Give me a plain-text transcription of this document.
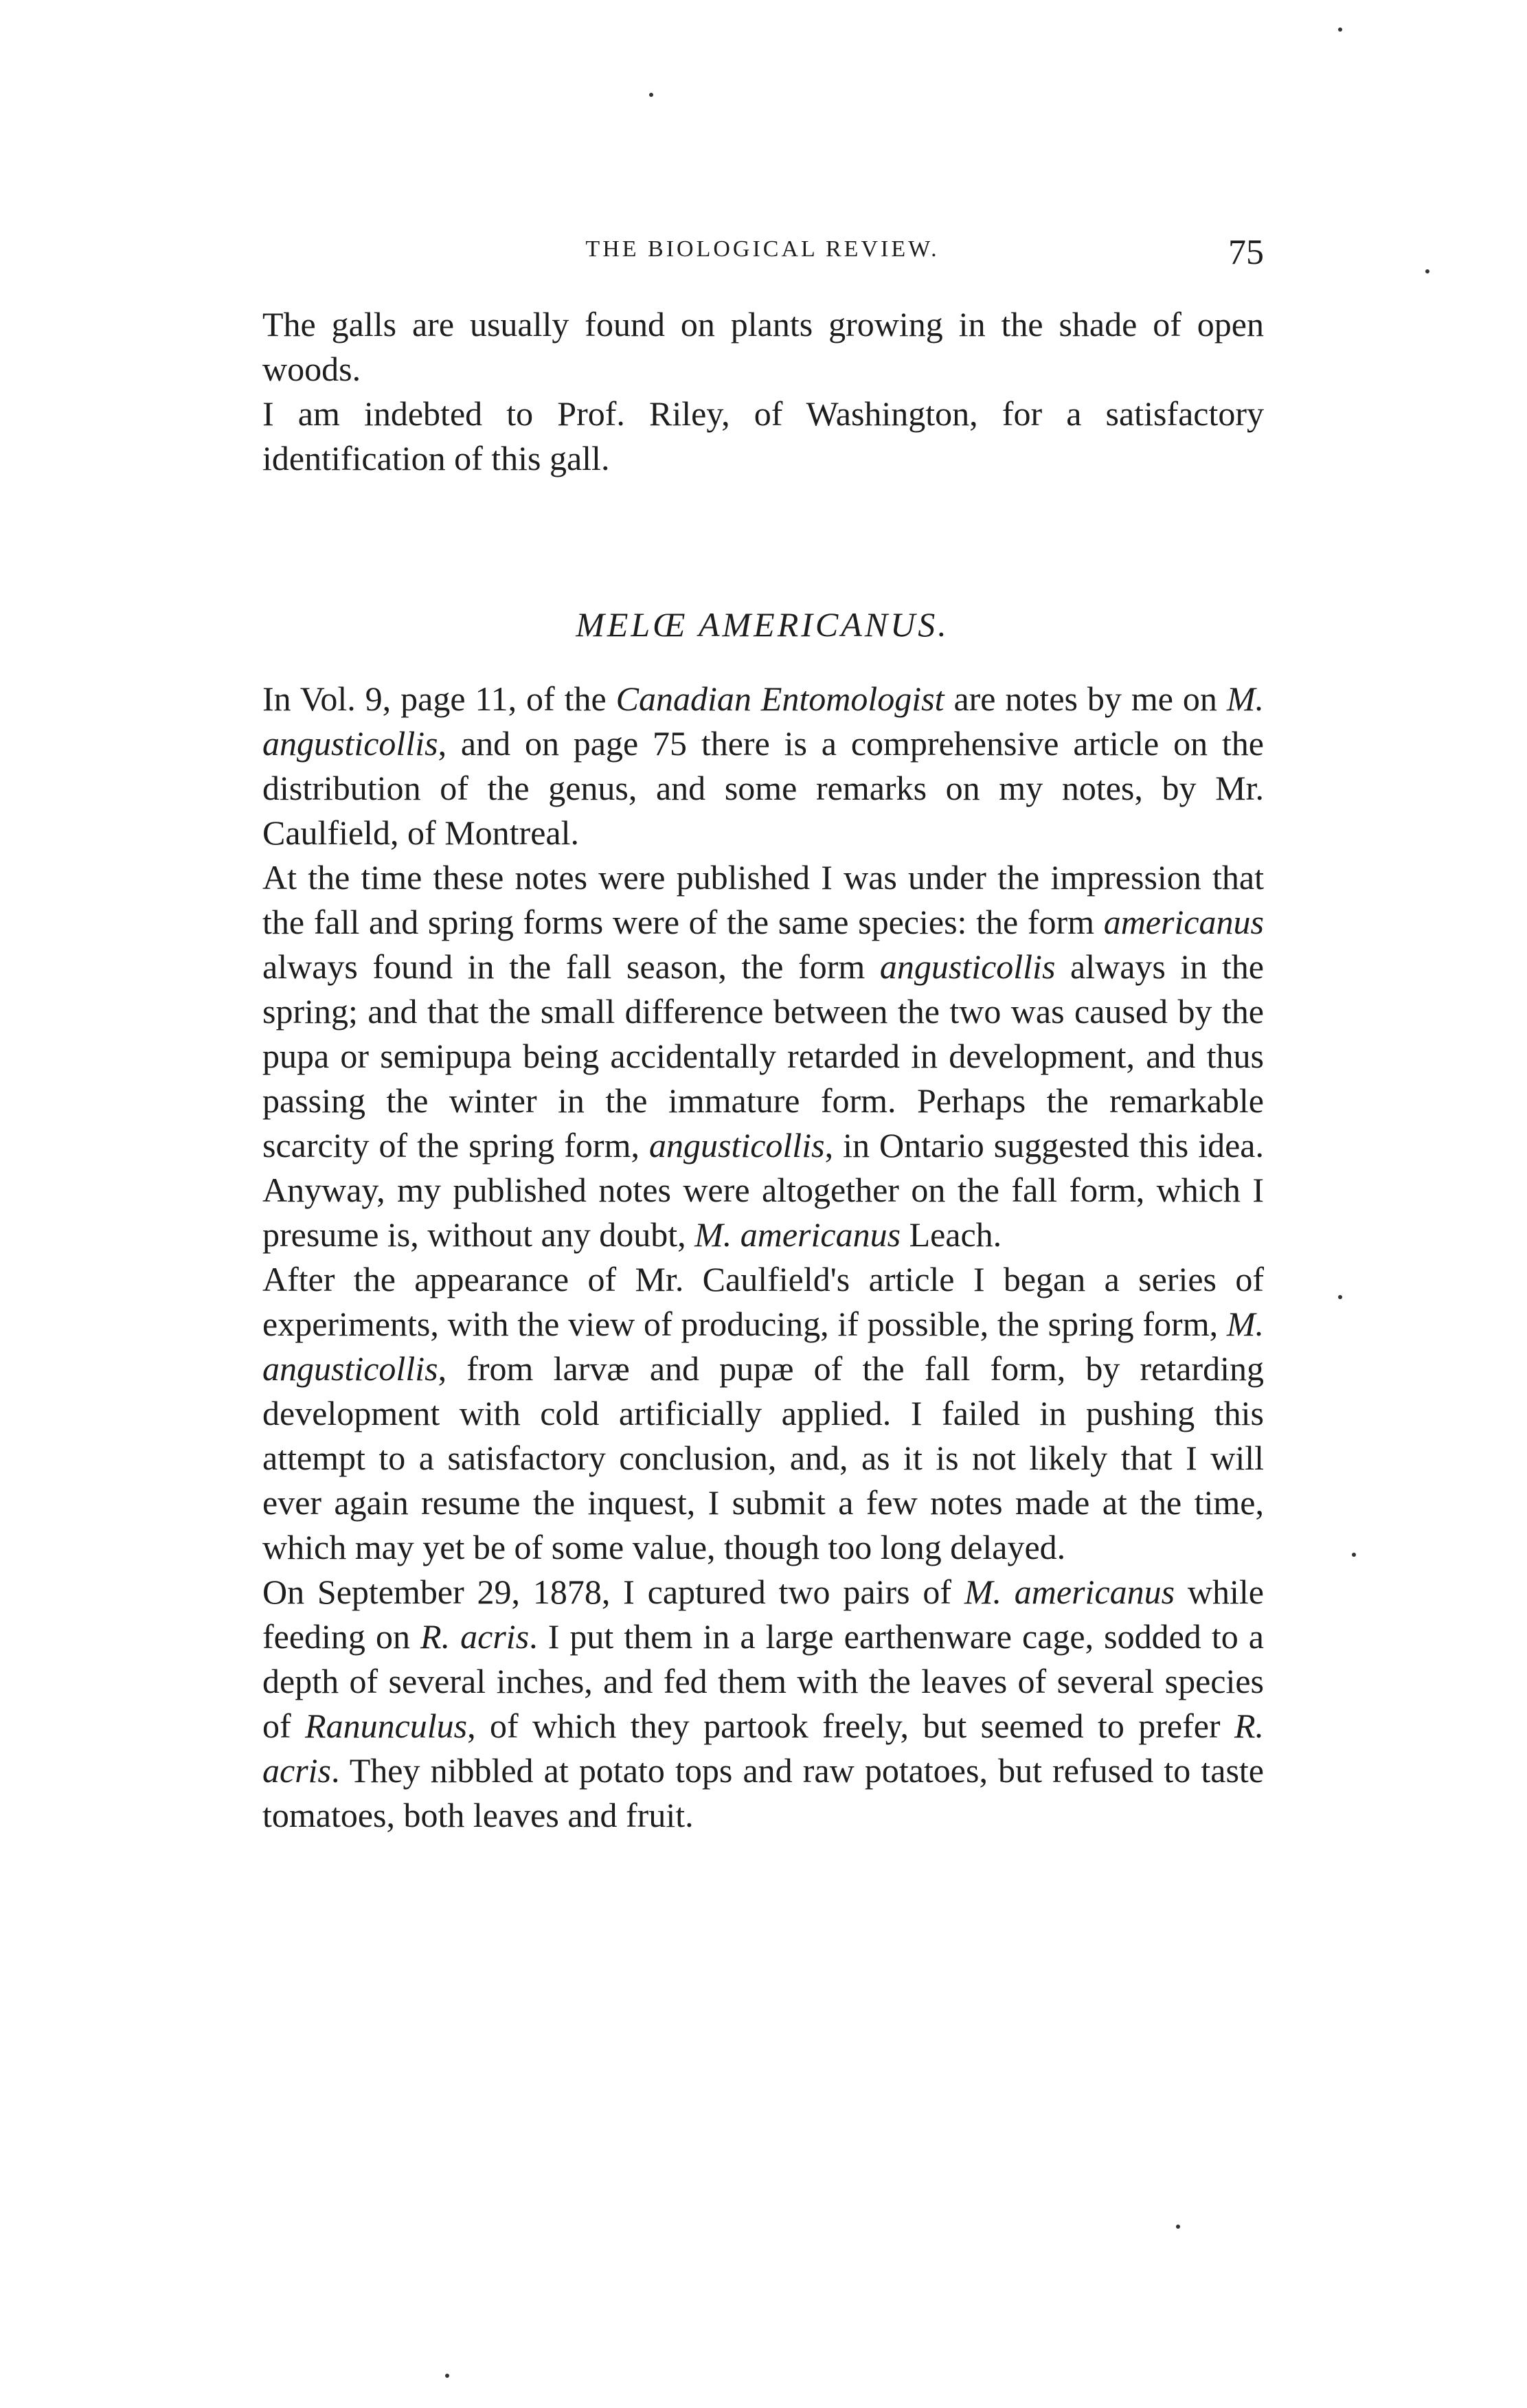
THE BIOLOGICAL REVIEW.	75

The galls are usually found on plants growing in the shade of open woods.

I am indebted to Prof. Riley, of Washington, for a satisfactory identification of this gall.

MELŒ AMERICANUS.

In Vol. 9, page 11, of the Canadian Entomologist are notes by me on M. angusticollis, and on page 75 there is a comprehensive article on the distribution of the genus, and some remarks on my notes, by Mr. Caulfield, of Montreal.

At the time these notes were published I was under the impression that the fall and spring forms were of the same species: the form americanus always found in the fall season, the form angusticollis always in the spring; and that the small difference between the two was caused by the pupa or semipupa being accidentally retarded in development, and thus passing the winter in the immature form. Perhaps the remarkable scarcity of the spring form, angusticollis, in Ontario suggested this idea. Anyway, my published notes were altogether on the fall form, which I presume is, without any doubt, M. americanus Leach.

After the appearance of Mr. Caulfield's article I began a series of experiments, with the view of producing, if possible, the spring form, M. angusticollis, from larvæ and pupæ of the fall form, by retarding development with cold artificially applied. I failed in pushing this attempt to a satisfactory conclusion, and, as it is not likely that I will ever again resume the inquest, I submit a few notes made at the time, which may yet be of some value, though too long delayed.

On September 29, 1878, I captured two pairs of M. americanus while feeding on R. acris. I put them in a large earthenware cage, sodded to a depth of several inches, and fed them with the leaves of several species of Ranunculus, of which they partook freely, but seemed to prefer R. acris. They nibbled at potato tops and raw potatoes, but refused to taste tomatoes, both leaves and fruit.
